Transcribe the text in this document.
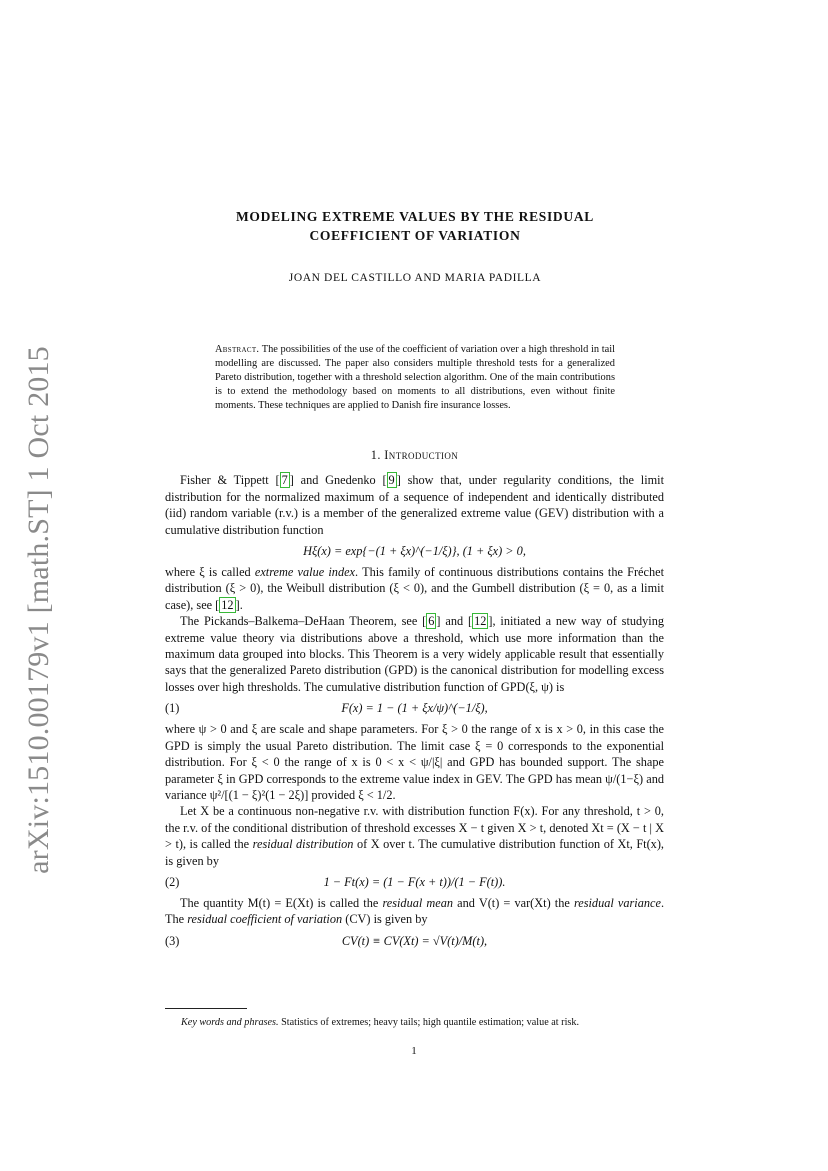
arXiv:1510.00179v1 [math.ST] 1 Oct 2015
MODELING EXTREME VALUES BY THE RESIDUAL
COEFFICIENT OF VARIATION
JOAN DEL CASTILLO AND MARIA PADILLA
Abstract. The possibilities of the use of the coefficient of variation over a high threshold in tail modelling are discussed. The paper also considers multiple threshold tests for a generalized Pareto distribution, together with a threshold selection algorithm. One of the main contributions is to extend the methodology based on moments to all distributions, even without finite moments. These techniques are applied to Danish fire insurance losses.
1. Introduction

Fisher & Tippett [ 7 ] and Gnedenko [ 9 ] show that, under regularity conditions, the limit distribution for the normalized maximum of a sequence of independent and identically distributed (iid) random variable (r.v.) is a member of the generalized extreme value (GEV) distribution with a cumulative distribution function

Hξ(x) = exp{−(1 + ξx)^(−1/ξ)}, (1 + ξx) > 0,

where ξ is called extreme value index. This family of continuous distributions contains the Fréchet distribution (ξ > 0), the Weibull distribution (ξ < 0), and the Gumbell distribution (ξ = 0, as a limit case), see [ 12 ].

The Pickands–Balkema–DeHaan Theorem, see [ 6 ] and [ 12 ], initiated a new way of studying extreme value theory via distributions above a threshold, which use more information than the maximum data grouped into blocks. This Theorem is a very widely applicable result that essentially says that the generalized Pareto distribution (GPD) is the canonical distribution for modelling excess losses over high thresholds. The cumulative distribution function of GPD(ξ, ψ) is

(1)	F(x) = 1 − (1 + ξx/ψ)^(−1/ξ),

where ψ > 0 and ξ are scale and shape parameters. For ξ > 0 the range of x is x > 0, in this case the GPD is simply the usual Pareto distribution. The limit case ξ = 0 corresponds to the exponential distribution. For ξ < 0 the range of x is 0 < x < ψ/|ξ| and GPD has bounded support. The shape parameter ξ in GPD corresponds to the extreme value index in GEV. The GPD has mean ψ/(1−ξ) and variance ψ²/[(1 − ξ)²(1 − 2ξ)] provided ξ < 1/2.

Let X be a continuous non-negative r.v. with distribution function F(x). For any threshold, t > 0, the r.v. of the conditional distribution of threshold excesses X − t given X > t, denoted Xt = (X − t | X > t), is called the residual distribution of X over t. The cumulative distribution function of Xt, Ft(x), is given by

(2)	1 − Ft(x) = (1 − F(x + t))/(1 − F(t)).

The quantity M(t) = E(Xt) is called the residual mean and V(t) = var(Xt) the residual variance. The residual coefficient of variation (CV) is given by

(3)	CV(t) ≡ CV(Xt) = √V(t)/M(t),
Key words and phrases. Statistics of extremes; heavy tails; high quantile estimation; value at risk.
1
